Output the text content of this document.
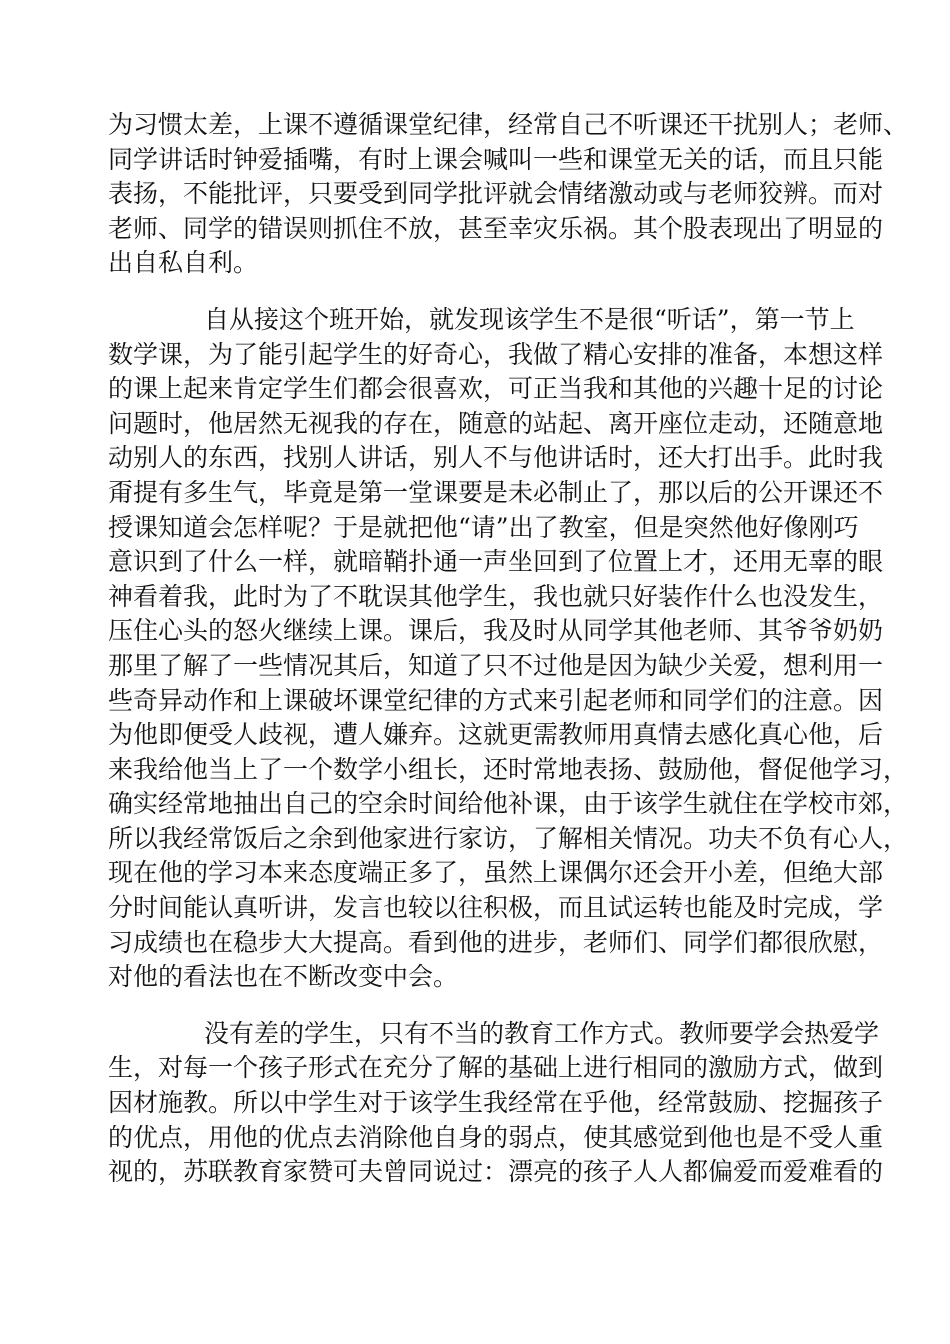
为习惯太差，上课不遵循课堂纪律，经常自己不听课还干扰别人；老师、
同学讲话时钟爱插嘴，有时上课会喊叫一些和课堂无关的话，而且只能
表扬，不能批评，只要受到同学批评就会情绪激动或与老师狡辨。而对
老师、同学的错误则抓住不放，甚至幸灾乐祸。其个股表现出了明显的
出自私自利。
自从接这个班开始，就发现该学生不是很“听话”，第一节上
数学课，为了能引起学生的好奇心，我做了精心安排的准备，本想这样
的课上起来肯定学生们都会很喜欢，可正当我和其他的兴趣十足的讨论
问题时，他居然无视我的存在，随意的站起、离开座位走动，还随意地
动别人的东西，找别人讲话，别人不与他讲话时，还大打出手。此时我
甭提有多生气，毕竟是第一堂课要是未必制止了，那以后的公开课还不
授课知道会怎样呢？于是就把他“请”出了教室，但是突然他好像刚巧
意识到了什么一样，就暗鞘扑通一声坐回到了位置上才，还用无辜的眼
神看着我，此时为了不耽误其他学生，我也就只好装作什么也没发生，
压住心头的怒火继续上课。课后，我及时从同学其他老师、其爷爷奶奶
那里了解了一些情况其后，知道了只不过他是因为缺少关爱，想利用一
些奇异动作和上课破坏课堂纪律的方式来引起老师和同学们的注意。因
为他即便受人歧视，遭人嫌弃。这就更需教师用真情去感化真心他，后
来我给他当上了一个数学小组长，还时常地表扬、鼓励他，督促他学习，
确实经常地抽出自己的空余时间给他补课，由于该学生就住在学校市郊，
所以我经常饭后之余到他家进行家访，了解相关情况。功夫不负有心人，
现在他的学习本来态度端正多了，虽然上课偶尔还会开小差，但绝大部
分时间能认真听讲，发言也较以往积极，而且试运转也能及时完成，学
习成绩也在稳步大大提高。看到他的进步，老师们、同学们都很欣慰，
对他的看法也在不断改变中会。
没有差的学生，只有不当的教育工作方式。教师要学会热爱学
生，对每一个孩子形式在充分了解的基础上进行相同的激励方式，做到
因材施教。所以中学生对于该学生我经常在乎他，经常鼓励、挖掘孩子
的优点，用他的优点去消除他自身的弱点，使其感觉到他也是不受人重
视的，苏联教育家赞可夫曾同说过：漂亮的孩子人人都偏爱而爱难看的
